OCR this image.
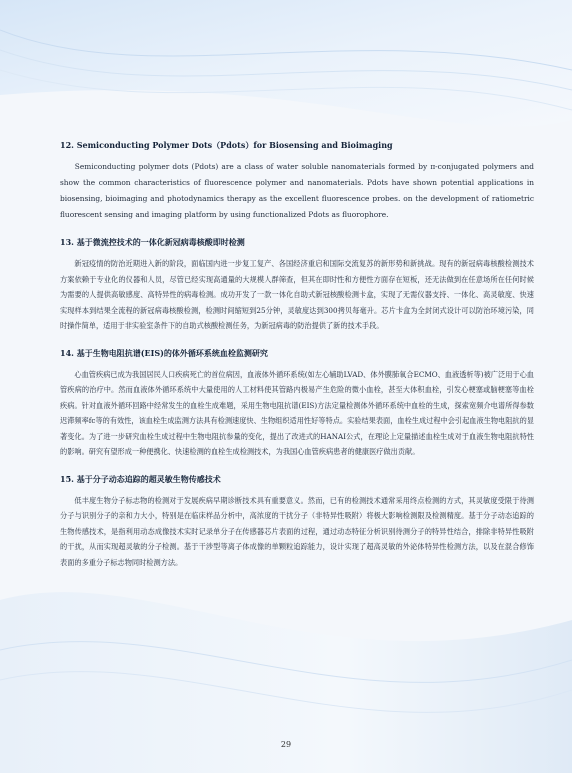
12. Semiconducting Polymer Dots（Pdots）for Biosensing and Bioimaging

Semiconducting polymer dots (Pdots) are a class of water soluble nanomaterials formed by π-conjugated polymers and show the common characteristics of fluorescence polymer and nanomaterials. Pdots have shown potential applications in biosensing, bioimaging and photodynamics therapy as the excellent fluorescence probes. on the development of ratiometric fluorescent sensing and imaging platform by using functionalized Pdots as fluorophore.

13. 基于微流控技术的一体化新冠病毒核酸即时检测

新冠疫情的防治近期进入新的阶段，面临国内进一步复工复产、各国经济重启和国际交流复苏的新形势和新挑战。现有的新冠病毒核酸检测技术方案依赖于专业化的仪器和人员，尽管已经实现高通量的大规模人群筛查，但其在即时性和方便性方面存在短板，还无法做到在任意场所在任何时候为需要的人提供高敏感度、高特异性的病毒检测。成功开发了一款一体化自助式新冠核酸检测卡盒，实现了无需仪器支持、一体化、高灵敏度、快速实现样本到结果全流程的新冠病毒核酸检测，检测时间缩短到25分钟，灵敏度达到300拷贝每毫升。芯片卡盒为全封闭式设计可以防治环境污染，同时操作简单，适用于非实验室条件下的自助式核酸检测任务，为新冠病毒的防治提供了新的技术手段。

14. 基于生物电阻抗谱(EIS)的体外循环系统血栓监测研究

心血管疾病已成为我国居民人口疾病死亡的首位病因，血液体外循环系统(如左心辅助LVAD、体外膜肺氧合ECMO、血液透析等)被广泛用于心血管疾病的治疗中。然而血液体外循环系统中大量使用的人工材料使其管路内极易产生危险的微小血栓，甚至大体积血栓，引发心梗塞或脑梗塞等血栓疾病。针对血液外循环回路中经常发生的血栓生成难题，采用生物电阻抗谱(EIS)方法定量检测体外循环系统中血栓的生成，探索宽频介电谱所得参数迟滞频率fc等的有效性，该血栓生成监测方法具有检测速度快、生物组织适用性好等特点。实验结果表面，血栓生成过程中会引起血液生物电阻抗的显著变化。为了进一步研究血栓生成过程中生物电阻抗参量的变化，提出了改进式的HANAI公式，在理论上定量描述血栓生成对于血液生物电阻抗特性的影响。研究有望形成一种便携化、快速检测的血栓生成检测技术，为我国心血管疾病患者的健康医疗做出贡献。

15. 基于分子动态追踪的超灵敏生物传感技术

低丰度生物分子标志物的检测对于发展疾病早期诊断技术具有重要意义。然而，已有的检测技术通常采用终点检测的方式，其灵敏度受限于待测分子与识别分子的亲和力大小，特别是在临床样品分析中，高浓度的干扰分子（非特异性吸附）将极大影响检测限及检测精度。基于分子动态追踪的生物传感技术，是指利用动态成像技术实时记录单分子在传感器芯片表面的过程，通过动态特征分析识别待测分子的特异性结合，排除非特异性吸附的干扰，从而实现超灵敏的分子检测。基于干涉型等离子体成像的单颗粒追踪能力，设计实现了超高灵敏的外泌体特异性检测方法，以及在混合修饰表面的多重分子标志物同时检测方法。

29
